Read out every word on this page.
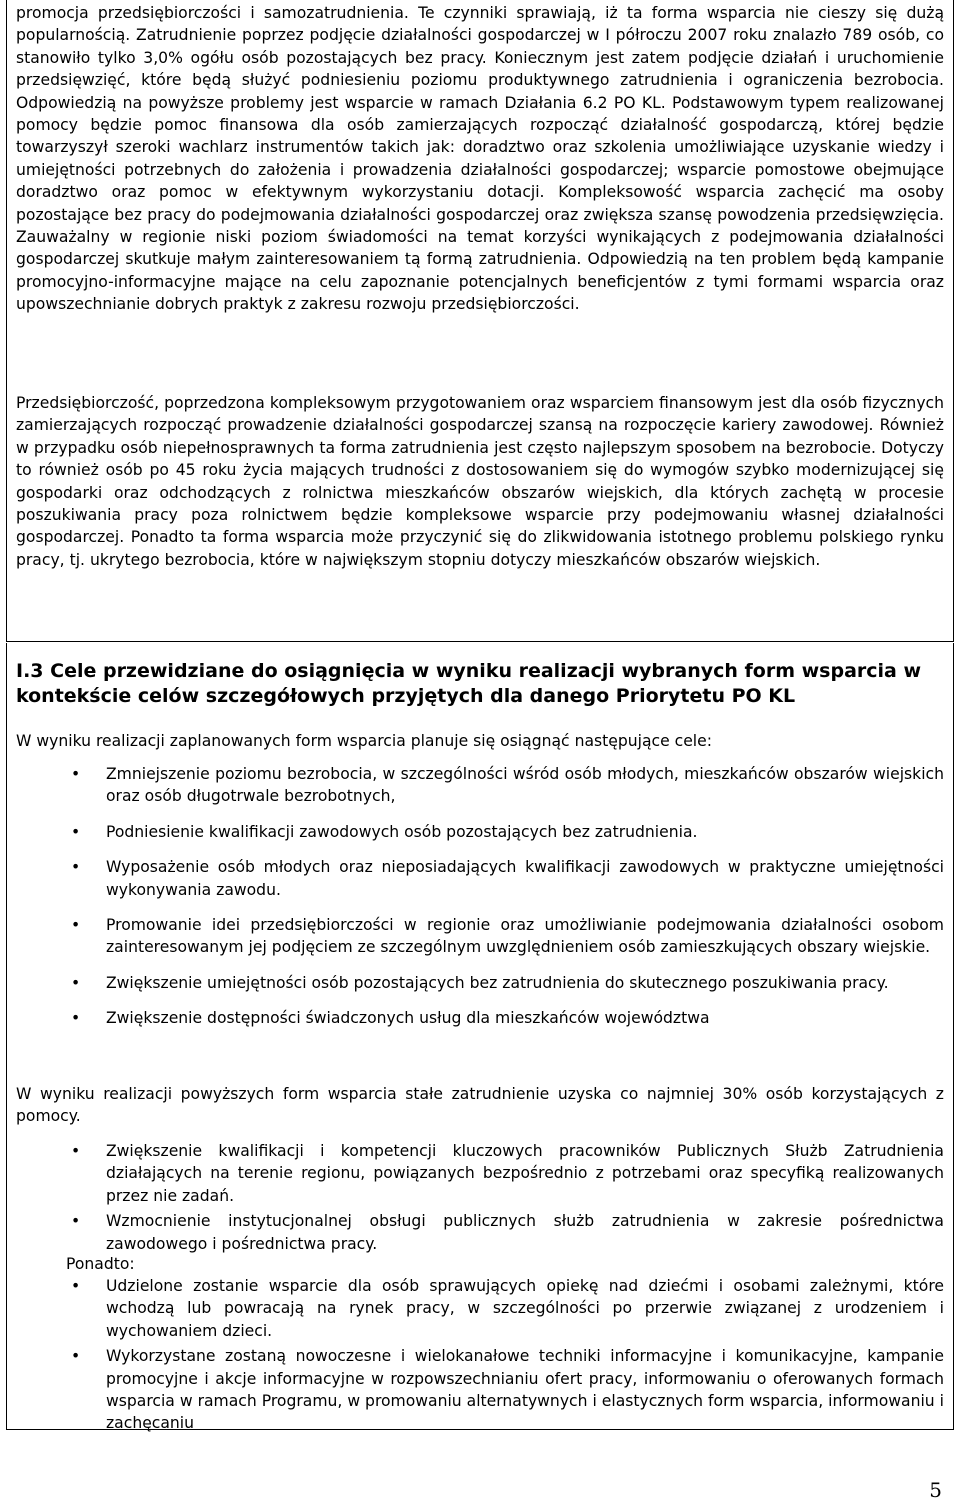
promocja przedsiębiorczości i samozatrudnienia. Te czynniki sprawiają, iż ta forma wsparcia nie cieszy się dużą popularnością. Zatrudnienie poprzez podjęcie działalności gospodarczej w I półroczu 2007 roku znalazło 789 osób, co stanowiło tylko 3,0% ogółu osób pozostających bez pracy. Koniecznym jest zatem podjęcie działań i uruchomienie przedsięwzięć, które będą służyć podniesieniu poziomu produktywnego zatrudnienia i ograniczenia bezrobocia. Odpowiedzią na powyższe problemy jest wsparcie w ramach Działania 6.2 PO KL. Podstawowym typem realizowanej pomocy będzie pomoc finansowa dla osób zamierzających rozpocząć działalność gospodarczą, której będzie towarzyszył szeroki wachlarz instrumentów takich jak: doradztwo oraz szkolenia umożliwiające uzyskanie wiedzy i umiejętności potrzebnych do założenia i prowadzenia działalności gospodarczej; wsparcie pomostowe obejmujące doradztwo oraz pomoc w efektywnym wykorzystaniu dotacji. Kompleksowość wsparcia zachęcić ma osoby pozostające bez pracy do podejmowania działalności gospodarczej oraz zwiększa szansę powodzenia przedsięwzięcia. Zauważalny w regionie niski poziom świadomości na temat korzyści wynikających z podejmowania działalności gospodarczej skutkuje małym zainteresowaniem tą formą zatrudnienia. Odpowiedzią na ten problem będą kampanie promocyjno-informacyjne mające na celu zapoznanie potencjalnych beneficjentów z tymi formami wsparcia oraz upowszechnianie dobrych praktyk z zakresu rozwoju przedsiębiorczości.

Przedsiębiorczość, poprzedzona kompleksowym przygotowaniem oraz wsparciem finansowym jest dla osób fizycznych zamierzających rozpocząć prowadzenie działalności gospodarczej szansą na rozpoczęcie kariery zawodowej. Również w przypadku osób niepełnosprawnych ta forma zatrudnienia jest często najlepszym sposobem na bezrobocie. Dotyczy to również osób po 45 roku życia mających trudności z dostosowaniem się do wymogów szybko modernizującej się gospodarki oraz odchodzących z rolnictwa mieszkańców obszarów wiejskich, dla których zachętą w procesie poszukiwania pracy poza rolnictwem będzie kompleksowe wsparcie przy podejmowaniu własnej działalności gospodarczej. Ponadto ta forma wsparcia może przyczynić się do zlikwidowania istotnego problemu polskiego rynku pracy, tj. ukrytego bezrobocia, które w największym stopniu dotyczy mieszkańców obszarów wiejskich.

I.3 Cele przewidziane do osiągnięcia w wyniku realizacji wybranych form wsparcia w kontekście celów szczegółowych przyjętych dla danego Priorytetu PO KL

W wyniku realizacji zaplanowanych form wsparcia planuje się osiągnąć następujące cele:

• Zmniejszenie poziomu bezrobocia, w szczególności wśród osób młodych, mieszkańców obszarów wiejskich oraz osób długotrwale bezrobotnych,
• Podniesienie kwalifikacji zawodowych osób pozostających bez zatrudnienia.
• Wyposażenie osób młodych oraz nieposiadających kwalifikacji zawodowych w praktyczne umiejętności wykonywania zawodu.
• Promowanie idei przedsiębiorczości w regionie oraz umożliwianie podejmowania działalności osobom zainteresowanym jej podjęciem ze szczególnym uwzględnieniem osób zamieszkujących obszary wiejskie.
• Zwiększenie umiejętności osób pozostających bez zatrudnienia do skutecznego poszukiwania pracy.
• Zwiększenie dostępności świadczonych usług dla mieszkańców województwa

W wyniku realizacji powyższych form wsparcia stałe zatrudnienie uzyska co najmniej 30% osób korzystających z pomocy.

• Zwiększenie kwalifikacji i kompetencji kluczowych pracowników Publicznych Służb Zatrudnienia działających na terenie regionu, powiązanych bezpośrednio z potrzebami oraz specyfiką realizowanych przez nie zadań.
• Wzmocnienie instytucjonalnej obsługi publicznych służb zatrudnienia w zakresie pośrednictwa zawodowego i pośrednictwa pracy.

Ponadto:

• Udzielone zostanie wsparcie dla osób sprawujących opiekę nad dziećmi i osobami zależnymi, które wchodzą lub powracają na rynek pracy, w szczególności po przerwie związanej z urodzeniem i wychowaniem dzieci.
• Wykorzystane zostaną nowoczesne i wielokanałowe techniki informacyjne i komunikacyjne, kampanie promocyjne i akcje informacyjne w rozpowszechnianiu ofert pracy, informowaniu o oferowanych formach wsparcia w ramach Programu, w promowaniu alternatywnych i elastycznych form wsparcia, informowaniu i zachęcaniu
5
